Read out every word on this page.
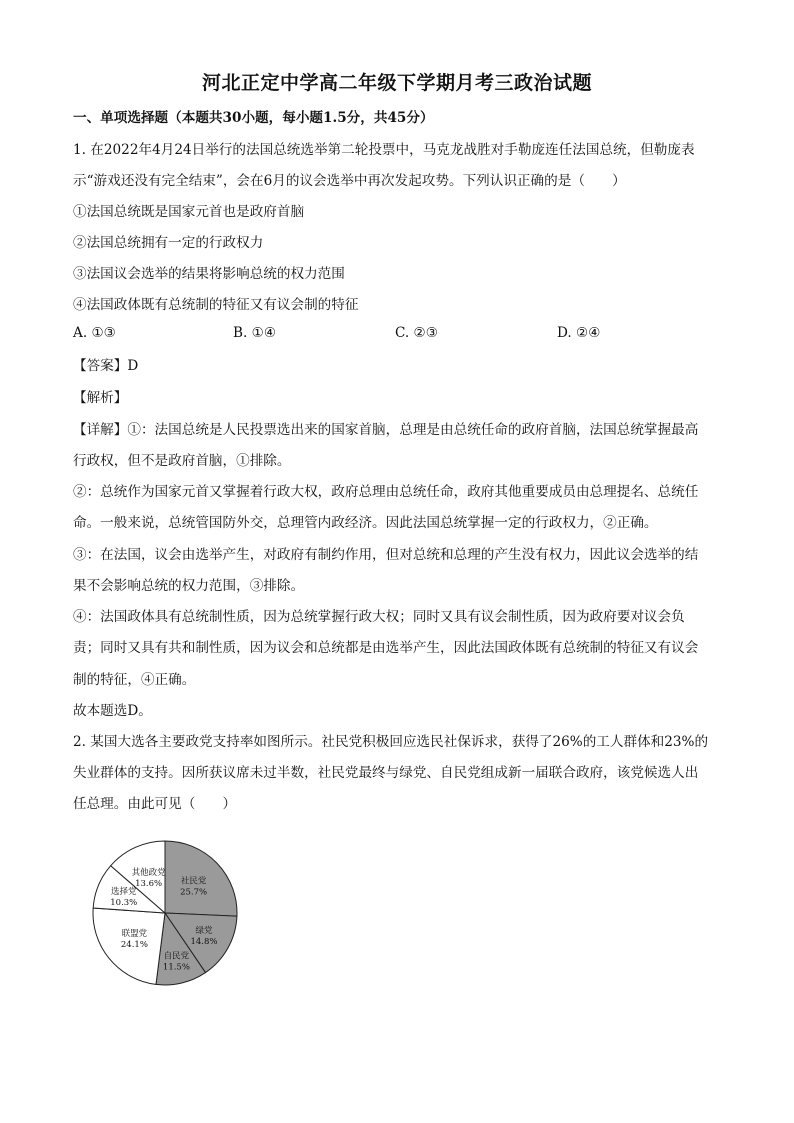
河北正定中学高二年级下学期月考三政治试题
一、单项选择题（本题共30小题，每小题1.5分，共45分）
1. 在2022年4月24日举行的法国总统选举第二轮投票中，马克龙战胜对手勒庞连任法国总统，但勒庞表
示“游戏还没有完全结束”，会在6月的议会选举中再次发起攻势。下列认识正确的是（　　）
①法国总统既是国家元首也是政府首脑
②法国总统拥有一定的行政权力
③法国议会选举的结果将影响总统的权力范围
④法国政体既有总统制的特征又有议会制的特征
A. ①③	B. ①④	C. ②③	D. ②④
【答案】D
【解析】
【详解】①：法国总统是人民投票选出来的国家首脑，总理是由总统任命的政府首脑，法国总统掌握最高
行政权，但不是政府首脑，①排除。
②：总统作为国家元首又掌握着行政大权，政府总理由总统任命，政府其他重要成员由总理提名、总统任
命。一般来说，总统管国防外交，总理管内政经济。因此法国总统掌握一定的行政权力，②正确。
③：在法国，议会由选举产生，对政府有制约作用，但对总统和总理的产生没有权力，因此议会选举的结
果不会影响总统的权力范围，③排除。
④：法国政体具有总统制性质，因为总统掌握行政大权；同时又具有议会制性质，因为政府要对议会负
责；同时又具有共和制性质，因为议会和总统都是由选举产生，因此法国政体既有总统制的特征又有议会
制的特征，④正确。
故本题选D。
2. 某国大选各主要政党支持率如图所示。社民党积极回应选民社保诉求，获得了26%的工人群体和23%的
失业群体的支持。因所获议席未过半数，社民党最终与绿党、自民党组成新一届联合政府，该党候选人出
任总理。由此可见（　　）
社民党
25.7%
绿党
14.8%
自民党
11.5%
联盟党
24.1%
选择党
10.3%
其他政党
13.6%
